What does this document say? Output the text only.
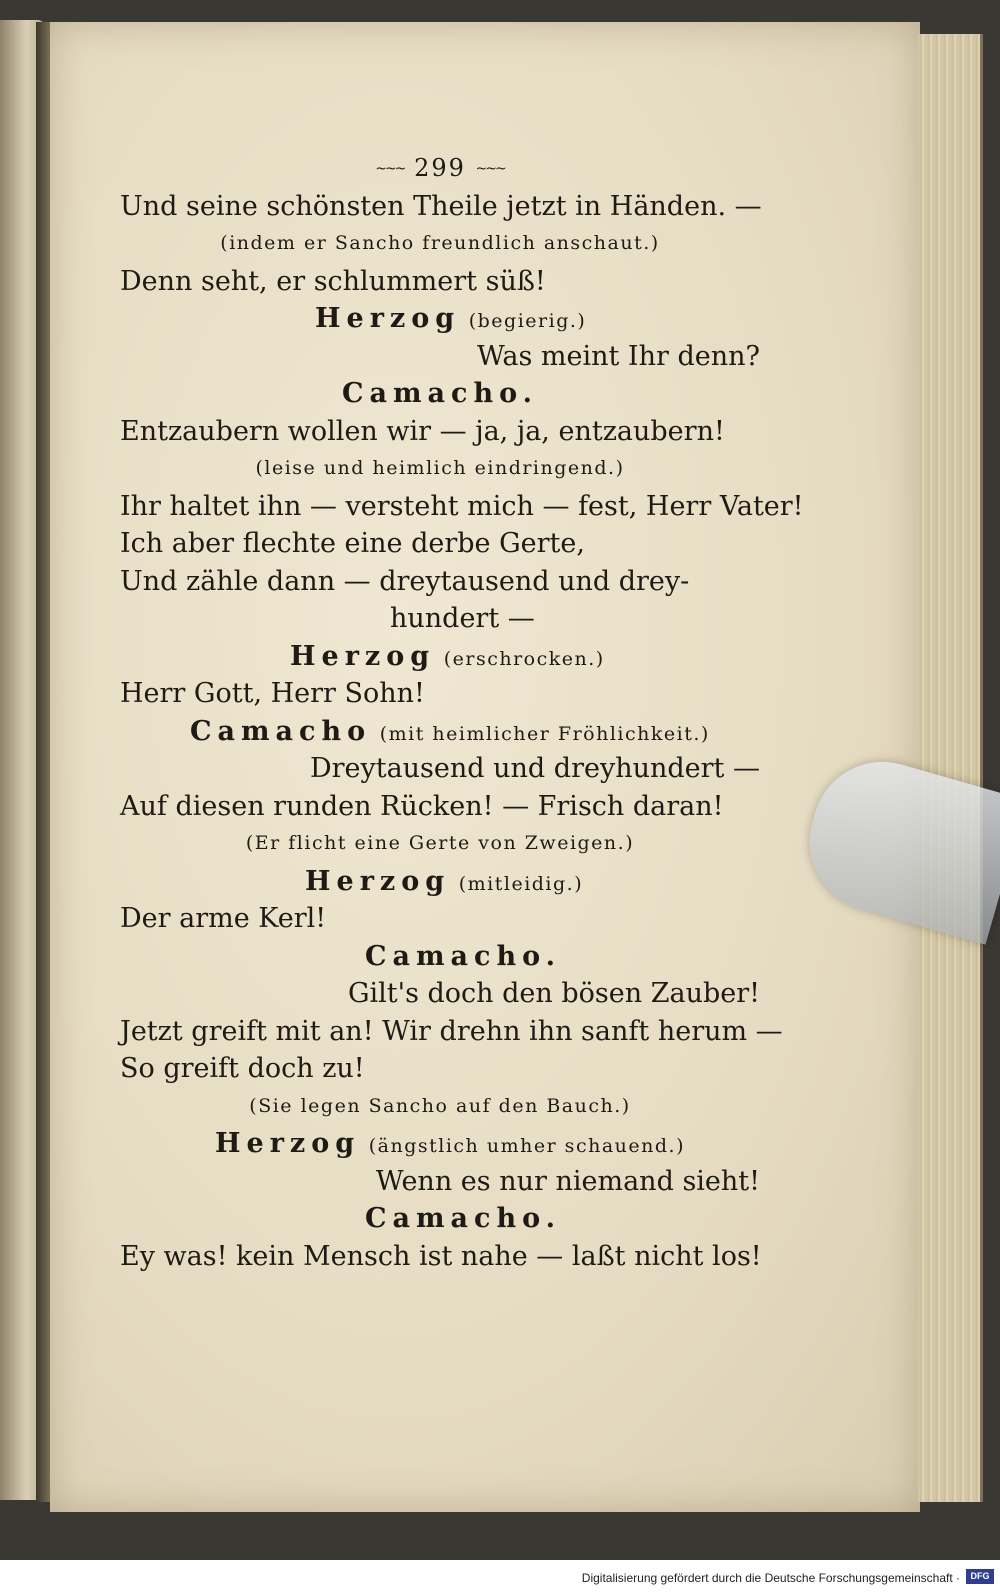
~~~ 299 ~~~
Und seine schönsten Theile jetzt in Händen. —
(indem er Sancho freundlich anschaut.)
Denn seht, er schlummert süß!
Herzog (begierig.)
Was meint Ihr denn?
Camacho.
Entzaubern wollen wir — ja, ja, entzaubern!
(leise und heimlich eindringend.)
Ihr haltet ihn — versteht mich — fest, Herr Vater!
Ich aber flechte eine derbe Gerte,
Und zähle dann — dreytausend und drey-
hundert —
Herzog (erschrocken.)
Herr Gott, Herr Sohn!
Camacho (mit heimlicher Fröhlichkeit.)
Dreytausend und dreyhundert —
Auf diesen runden Rücken! — Frisch daran!
(Er flicht eine Gerte von Zweigen.)
Herzog (mitleidig.)
Der arme Kerl!
Camacho.
Gilt's doch den bösen Zauber!
Jetzt greift mit an! Wir drehn ihn sanft herum —
So greift doch zu!
(Sie legen Sancho auf den Bauch.)
Herzog (ängstlich umher schauend.)
Wenn es nur niemand sieht!
Camacho.
Ey was! kein Mensch ist nahe — laßt nicht los!
Digitalisierung gefördert durch die Deutsche Forschungsgemeinschaft ·	DFG
